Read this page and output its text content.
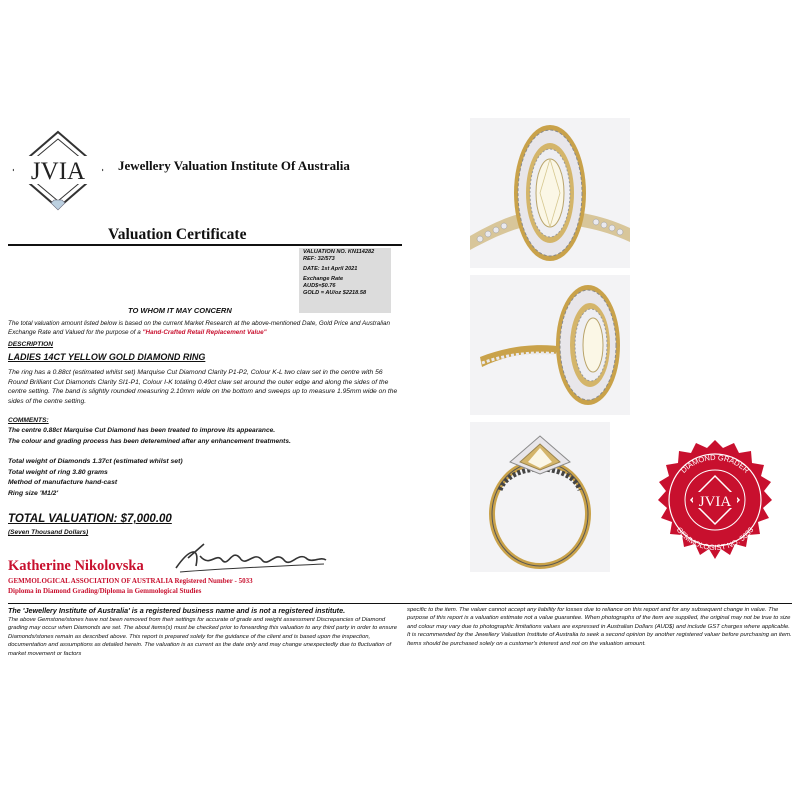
JVIA	Jewellery Valuation Institute Of Australia
Valuation Certificate
VALUATION NO. KN114282
REF: 32/573
DATE: 1st April 2021
Exchange Rate
AUD$=$0.76
GOLD = AU/oz $2218.58
TO WHOM IT MAY CONCERN
The total valuation amount listed below is based on the current Market Research at the above-mentioned Date, Gold Price and Australian Exchange Rate and Valued for the purpose of a "Hand-Crafted Retail Replacement Value"
DESCRIPTION
LADIES 14CT YELLOW GOLD DIAMOND RING
The ring has a 0.88ct (estimated whilst set) Marquise Cut Diamond Clarity P1-P2, Colour K-L two claw set in the centre with 56 Round Brilliant Cut Diamonds Clarity SI1-P1, Colour I-K totaling 0.49ct claw set around the outer edge and along the sides of the centre setting. The band is slightly rounded measuring 2.10mm wide on the bottom and sweeps up to measure 1.95mm wide on the sides of the centre setting.
COMMENTS:
The centre 0.88ct Marquise Cut Diamond has been treated to improve its appearance.
The colour and grading process has been deteremined after any enhancement treatments.
Total weight of Diamonds 1.37ct (estimated whilst set)
Total weight of ring 3.80 grams
Method of manufacture hand-cast
Ring size 'M1/2'
TOTAL VALUATION: $7,000.00
(Seven Thousand Dollars)
Katherine Nikolovska
GEMMOLOGICAL ASSOCIATION OF AUSTRALIA Registered Number - 5033
Diploma in Diamond Grading/Diploma in Gemmological Studies
The 'Jewellery Institute of Australia' is a registered business name and is not a registered institute.
The above Gemstone/stones have not been removed from their settings for accurate of grade and weight assessment Discrepancies of Diamond grading may occur when Diamonds are set. The about items(s) must be checked prior to forwarding this valuation to any third party in order to ensure Diamonds/stones remain as described above. This report is prepared solely for the guidance of the client and is based upon the inspection, documentation and assumptions as detailed herein. The valuation is as current as the date only and may change unexpectedly due to fluctuation of market movement or factors
specific to the item. The valuer cannot accept any liability for losses due to reliance on this report and for any subsequent change in value. The purpose of this report is a valuation estimate not a value guarantee. When photographs of the item are supplied, the original may not be true to size and colour may vary due to photographic limitations values are expressed in Australian Dollars (AUD$) and include GST charges where applicable. It is recommended by the Jewellery Valuation Institute of Australia to seek a second opinion by another registered valuer before purchasing an item. Items should be purchased solely on a customer's interest and not on the valuation amount.
DIAMOND GRADER
GEMMOLOGIST NO. 5033
JVIA
